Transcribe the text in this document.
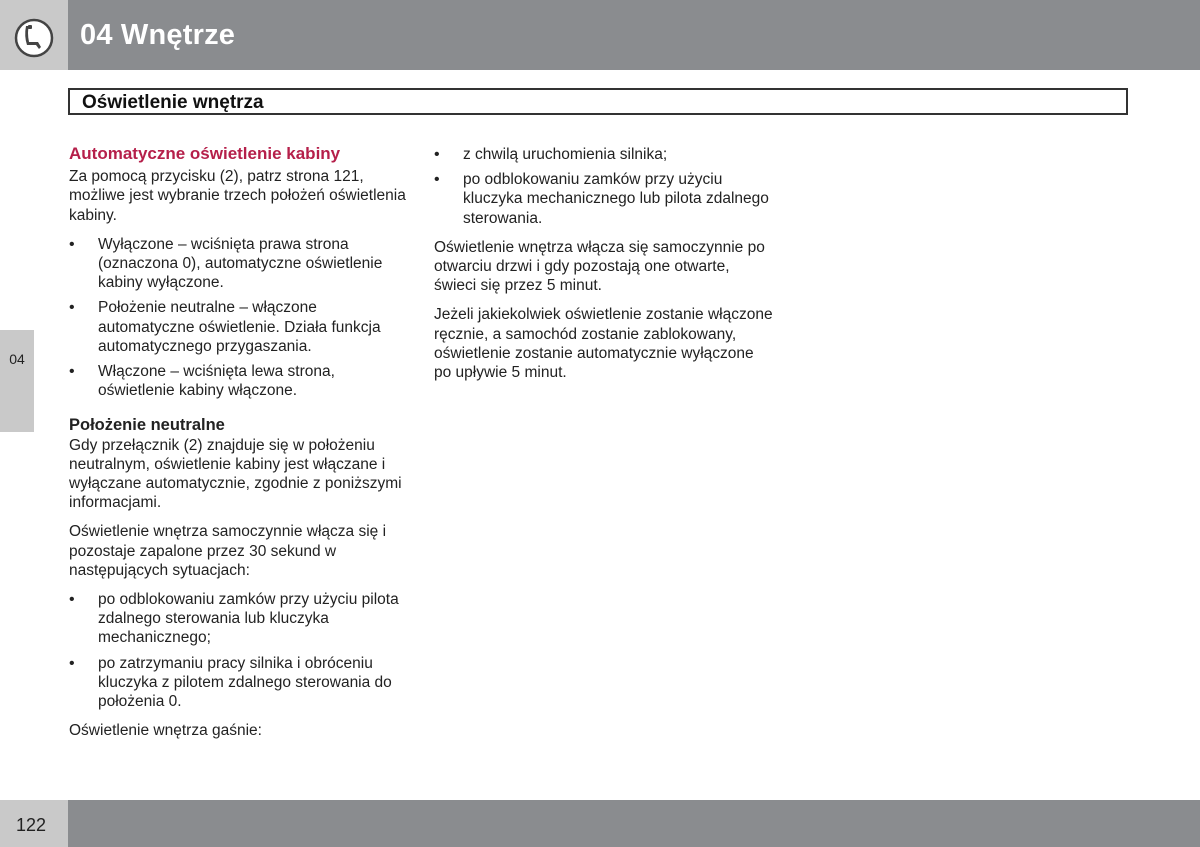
04 Wnętrze
Oświetlenie wnętrza
04
Automatyczne oświetlenie kabiny

Za pomocą przycisku (2), patrz strona 121, możliwe jest wybranie trzech położeń oświetlenia kabiny.

• Wyłączone – wciśnięta prawa strona (oznaczona 0), automatyczne oświetlenie kabiny wyłączone.
• Położenie neutralne – włączone automatyczne oświetlenie. Działa funkcja automatycznego przygaszania.
• Włączone – wciśnięta lewa strona, oświetlenie kabiny włączone.
Położenie neutralne

Gdy przełącznik (2) znajduje się w położeniu neutralnym, oświetlenie kabiny jest włączane i wyłączane automatycznie, zgodnie z poniższymi informacjami.

Oświetlenie wnętrza samoczynnie włącza się i pozostaje zapalone przez 30 sekund w następujących sytuacjach:

• po odblokowaniu zamków przy użyciu pilota zdalnego sterowania lub kluczyka mechanicznego;
• po zatrzymaniu pracy silnika i obróceniu kluczyka z pilotem zdalnego sterowania do położenia 0.

Oświetlenie wnętrza gaśnie:

• z chwilą uruchomienia silnika;
• po odblokowaniu zamków przy użyciu kluczyka mechanicznego lub pilota zdalnego sterowania.

Oświetlenie wnętrza włącza się samoczynnie po otwarciu drzwi i gdy pozostają one otwarte, świeci się przez 5 minut.

Jeżeli jakiekolwiek oświetlenie zostanie włączone ręcznie, a samochód zostanie zablokowany, oświetlenie zostanie automatycznie wyłączone po upływie 5 minut.

122
